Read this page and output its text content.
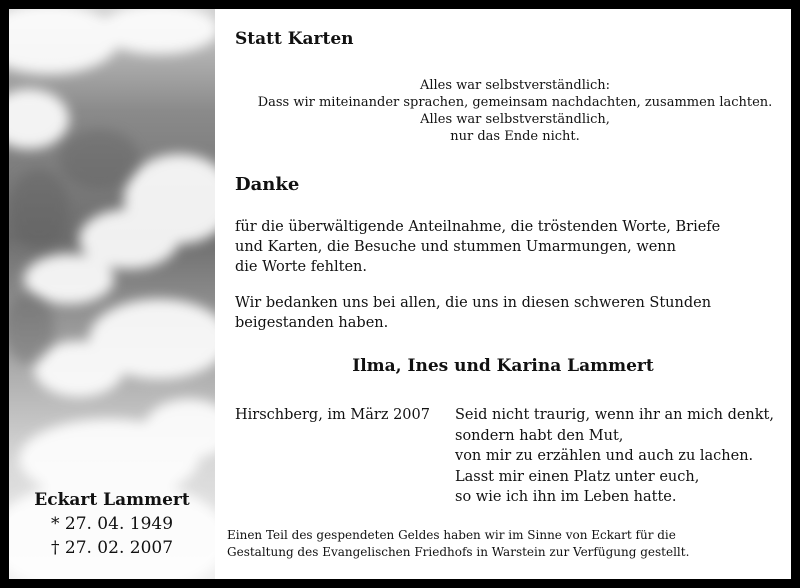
Eckart Lammert
* 27. 04. 1949
† 27. 02. 2007
Statt Karten
Alles war selbstverständlich:
Dass wir miteinander sprachen, gemeinsam nachdachten, zusammen lachten.
Alles war selbstverständlich,
nur das Ende nicht.
Danke
für die überwältigende Anteilnahme, die tröstenden Worte, Briefe
und Karten, die Besuche und stummen Umarmungen, wenn
die Worte fehlten.
Wir bedanken uns bei allen, die uns in diesen schweren Stunden
beigestanden haben.
Ilma, Ines und Karina Lammert
Hirschberg, im März 2007 Seid nicht traurig, wenn ihr an mich denkt,
sondern habt den Mut,
von mir zu erzählen und auch zu lachen.
Lasst mir einen Platz unter euch,
so wie ich ihn im Leben hatte.
Einen Teil des gespendeten Geldes haben wir im Sinne von Eckart für die
Gestaltung des Evangelischen Friedhofs in Warstein zur Verfügung gestellt.
